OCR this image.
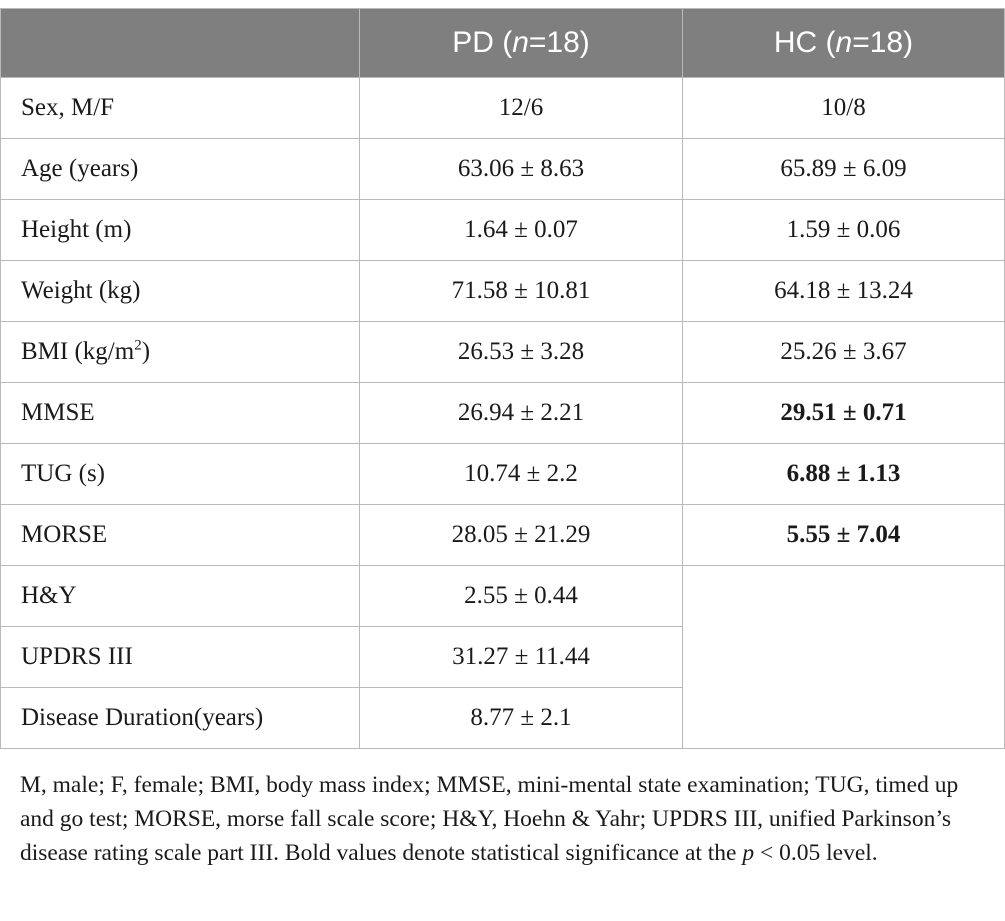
	PD (n=18)	HC (n=18)
Sex, M/F	12/6	10/8
Age (years)	63.06 ± 8.63	65.89 ± 6.09
Height (m)	1.64 ± 0.07	1.59 ± 0.06
Weight (kg)	71.58 ± 10.81	64.18 ± 13.24
BMI $(kg/m^2)$	26.53 ± 3.28	25.26 ± 3.67
MMSE	26.94 ± 2.21	29.51 ± 0.71
TUG (s)	10.74 ± 2.2	6.88 ± 1.13
MORSE	28.05 ± 21.29	5.55 ± 7.04
H&Y	2.55 ± 0.44	
UPDRS III	31.27 ± 11.44	
Disease Duration(years)	8.77 ± 2.1	
M, male; F, female; BMI, body mass index; MMSE, mini-mental state examination; TUG, timed up and go test; MORSE, morse fall scale score; H&Y, Hoehn & Yahr; UPDRS III, unified Parkinson’s disease rating scale part III. Bold values denote statistical significance at the p < 0.05 level.
